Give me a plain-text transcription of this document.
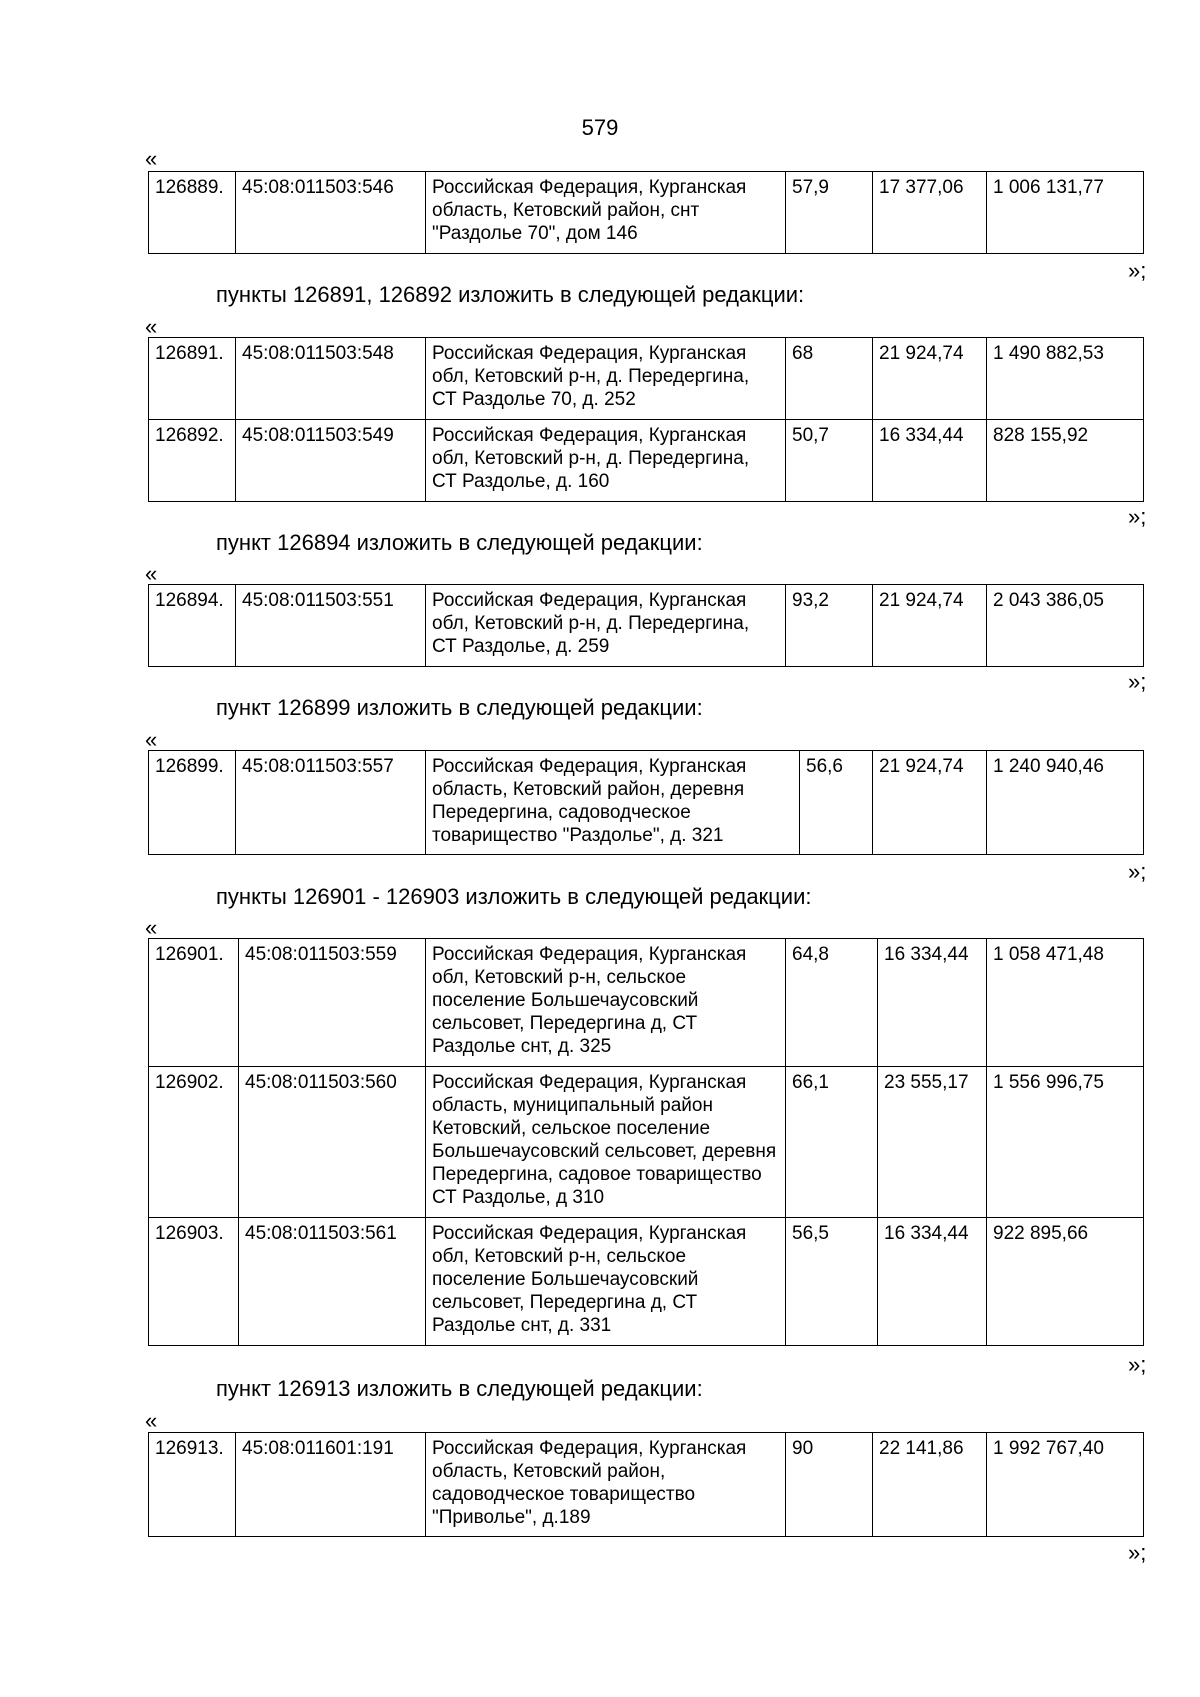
579
«
126889.	45:08:011503:546	Российская Федерация, Курганская область, Кетовский район, снт "Раздолье 70", дом 146	57,9	17 377,06	1 006 131,77
»;
пункты 126891, 126892 изложить в следующей редакции:
«
126891.	45:08:011503:548	Российская Федерация, Курганская обл, Кетовский р-н, д. Передергина, СТ Раздолье 70, д. 252	68	21 924,74	1 490 882,53
126892.	45:08:011503:549	Российская Федерация, Курганская обл, Кетовский р-н, д. Передергина, СТ Раздолье, д. 160	50,7	16 334,44	828 155,92
»;
пункт 126894 изложить в следующей редакции:
«
126894.	45:08:011503:551	Российская Федерация, Курганская обл, Кетовский р-н, д. Передергина, СТ Раздолье, д. 259	93,2	21 924,74	2 043 386,05
»;
пункт 126899 изложить в следующей редакции:
«
126899.	45:08:011503:557	Российская Федерация, Курганская область, Кетовский район, деревня Передергина, садоводческое товарищество "Раздолье", д. 321	56,6	21 924,74	1 240 940,46
»;
пункты 126901 - 126903 изложить в следующей редакции:
«
126901.	45:08:011503:559	Российская Федерация, Курганская обл, Кетовский р-н, сельское поселение Большечаусовский сельсовет, Передергина д, СТ Раздолье снт, д. 325	64,8	16 334,44	1 058 471,48
126902.	45:08:011503:560	Российская Федерация, Курганская область, муниципальный район Кетовский, сельское поселение Большечаусовский сельсовет, деревня Передергина, садовое товарищество СТ Раздолье, д 310	66,1	23 555,17	1 556 996,75
126903.	45:08:011503:561	Российская Федерация, Курганская обл, Кетовский р-н, сельское поселение Большечаусовский сельсовет, Передергина д, СТ Раздолье снт, д. 331	56,5	16 334,44	922 895,66
»;
пункт 126913 изложить в следующей редакции:
«
126913.	45:08:011601:191	Российская Федерация, Курганская область, Кетовский район, садоводческое товарищество "Приволье", д.189	90	22 141,86	1 992 767,40
»;
